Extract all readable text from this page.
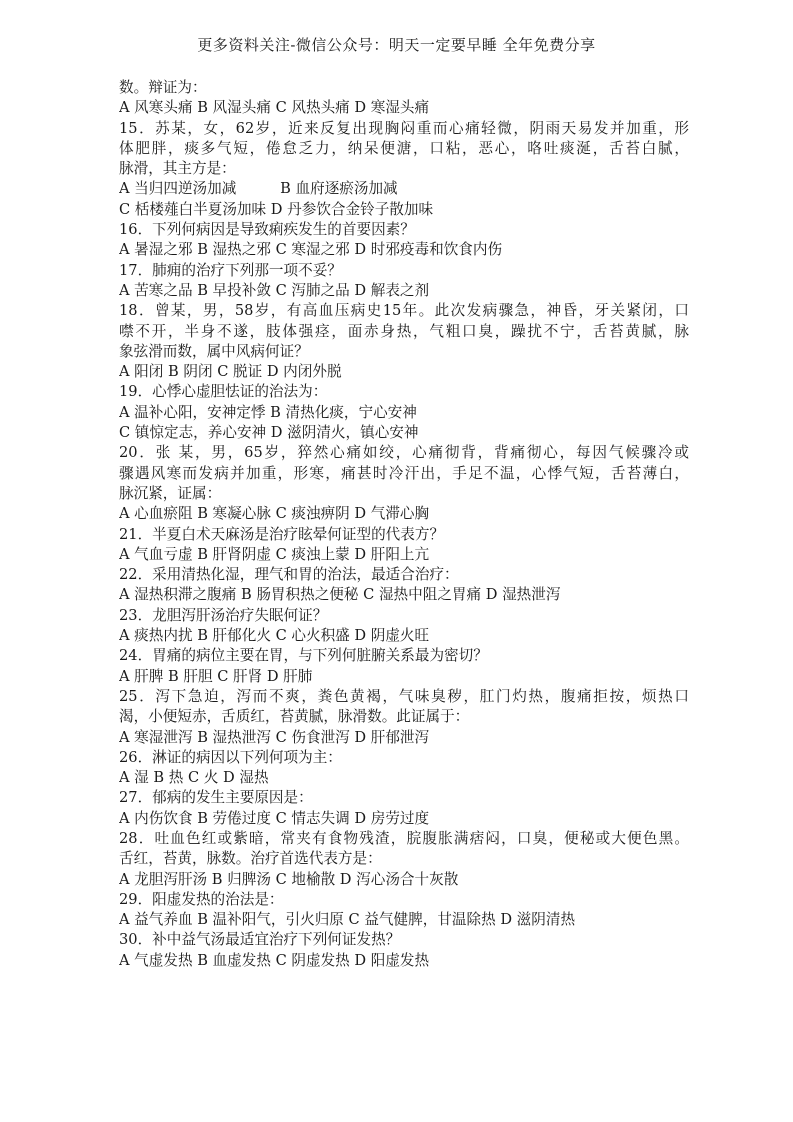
更多资料关注-微信公众号：明天一定要早睡 全年免费分享
数。辩证为：
A 风寒头痛 B 风湿头痛 C 风热头痛 D 寒湿头痛
15．苏某，女，62岁，近来反复出现胸闷重而心痛轻微，阴雨天易发并加重，形
体肥胖，痰多气短，倦怠乏力，纳呆便溏，口粘，恶心，咯吐痰涎，舌苔白腻，
脉滑，其主方是：
A 当归四逆汤加减　　　B 血府逐瘀汤加减
C 栝楼薤白半夏汤加味 D 丹参饮合金铃子散加味
16．下列何病因是导致痢疾发生的首要因素？
A 暑湿之邪 B 湿热之邪 C 寒湿之邪 D 时邪疫毒和饮食内伤
17．肺痈的治疗下列那一项不妥？
A 苦寒之品 B 早投补敛 C 泻肺之品 D 解表之剂
18．曾某，男，58岁，有高血压病史15年。此次发病骤急，神昏，牙关紧闭，口
噤不开，半身不遂，肢体强痉，面赤身热，气粗口臭，躁扰不宁，舌苔黄腻，脉
象弦滑而数，属中风病何证？
A 阳闭 B 阴闭 C 脱证 D 内闭外脱
19．心悸心虚胆怯证的治法为：
A 温补心阳，安神定悸 B 清热化痰，宁心安神
C 镇惊定志，养心安神 D 滋阴清火，镇心安神
20．张 某，男，65岁，猝然心痛如绞，心痛彻背，背痛彻心，每因气候骤冷或
骤遇风寒而发病并加重，形寒，痛甚时冷汗出，手足不温，心悸气短，舌苔薄白，
脉沉紧，证属：
A 心血瘀阻 B 寒凝心脉 C 痰浊痹阴 D 气滞心胸
21．半夏白术天麻汤是治疗眩晕何证型的代表方？
A 气血亏虚 B 肝肾阴虚 C 痰浊上蒙 D 肝阳上亢
22．采用清热化湿，理气和胃的治法，最适合治疗：
A 湿热积滞之腹痛 B 肠胃积热之便秘 C 湿热中阻之胃痛 D 湿热泄泻
23．龙胆泻肝汤治疗失眠何证？
A 痰热内扰 B 肝郁化火 C 心火积盛 D 阴虚火旺
24．胃痛的病位主要在胃，与下列何脏腑关系最为密切？
A 肝脾 B 肝胆 C 肝肾 D 肝肺
25．泻下急迫，泻而不爽，粪色黄褐，气味臭秽，肛门灼热，腹痛拒按，烦热口
渴，小便短赤，舌质红，苔黄腻，脉滑数。此证属于：
A 寒湿泄泻 B 湿热泄泻 C 伤食泄泻 D 肝郁泄泻
26．淋证的病因以下列何项为主：
A 湿 B 热 C 火 D 湿热
27．郁病的发生主要原因是：
A 内伤饮食 B 劳倦过度 C 情志失调 D 房劳过度
28．吐血色红或紫暗，常夹有食物残渣，脘腹胀满痞闷，口臭，便秘或大便色黑。
舌红，苔黄，脉数。治疗首选代表方是：
A 龙胆泻肝汤 B 归脾汤 C 地榆散 D 泻心汤合十灰散
29．阳虚发热的治法是：
A 益气养血 B 温补阳气，引火归原 C 益气健脾，甘温除热 D 滋阴清热
30．补中益气汤最适宜治疗下列何证发热？
A 气虚发热 B 血虚发热 C 阴虚发热 D 阳虚发热
